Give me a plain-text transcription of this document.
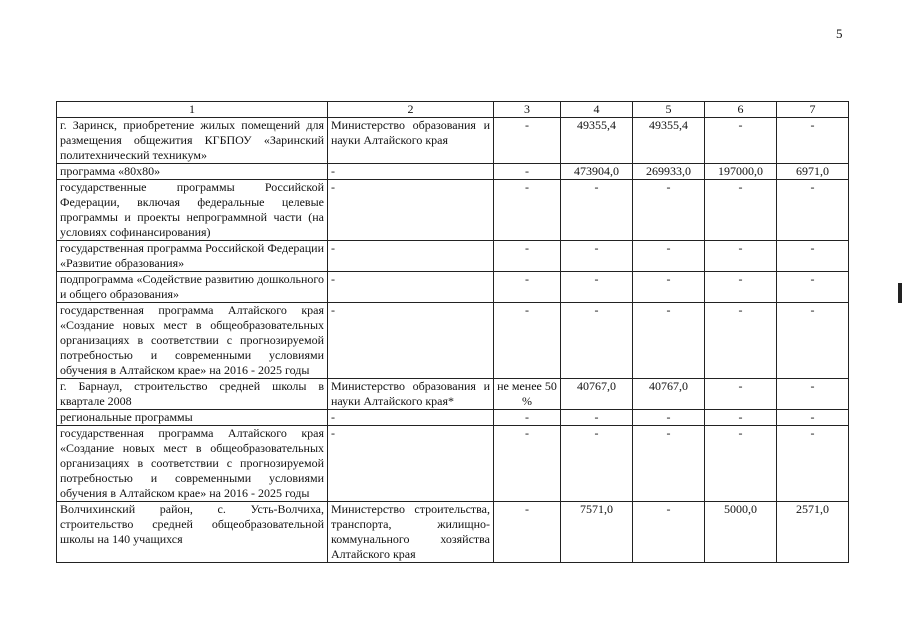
5
1	2	3	4	5	6	7
г. Заринск, приобретение жилых помещений для размещения общежития КГБПОУ «Заринский политехнический техникум»	Министерство образования и науки Алтайского края	-	49355,4	49355,4	-	-
программа «80х80»	-	-	473904,0	269933,0	197000,0	6971,0
государственные программы Российской Федерации, включая федеральные целевые программы и проекты непрограммной части (на условиях софинансирования)	-	-	-	-	-	-
государственная программа Российской Федерации «Развитие образования»	-	-	-	-	-	-
подпрограмма «Содействие развитию дошкольного и общего образования»	-	-	-	-	-	-
государственная программа Алтайского края «Создание новых мест в общеобразовательных организациях в соответствии с прогнозируемой потребностью и современными условиями обучения в Алтайском крае» на 2016 - 2025 годы	-	-	-	-	-	-
г. Барнаул, строительство средней школы в квартале 2008	Министерство образования и науки Алтайского края*	не менее 50 %	40767,0	40767,0	-	-
региональные программы	-	-	-	-	-	-
государственная программа Алтайского края «Создание новых мест в общеобразовательных организациях в соответствии с прогнозируемой потребностью и современными условиями обучения в Алтайском крае» на 2016 - 2025 годы	-	-	-	-	-	-
Волчихинский район, с. Усть-Волчиха, строительство средней общеобразовательной школы на 140 учащихся	Министерство строительства, транспорта, жилищно-коммунального хозяйства Алтайского края	-	7571,0	-	5000,0	2571,0
